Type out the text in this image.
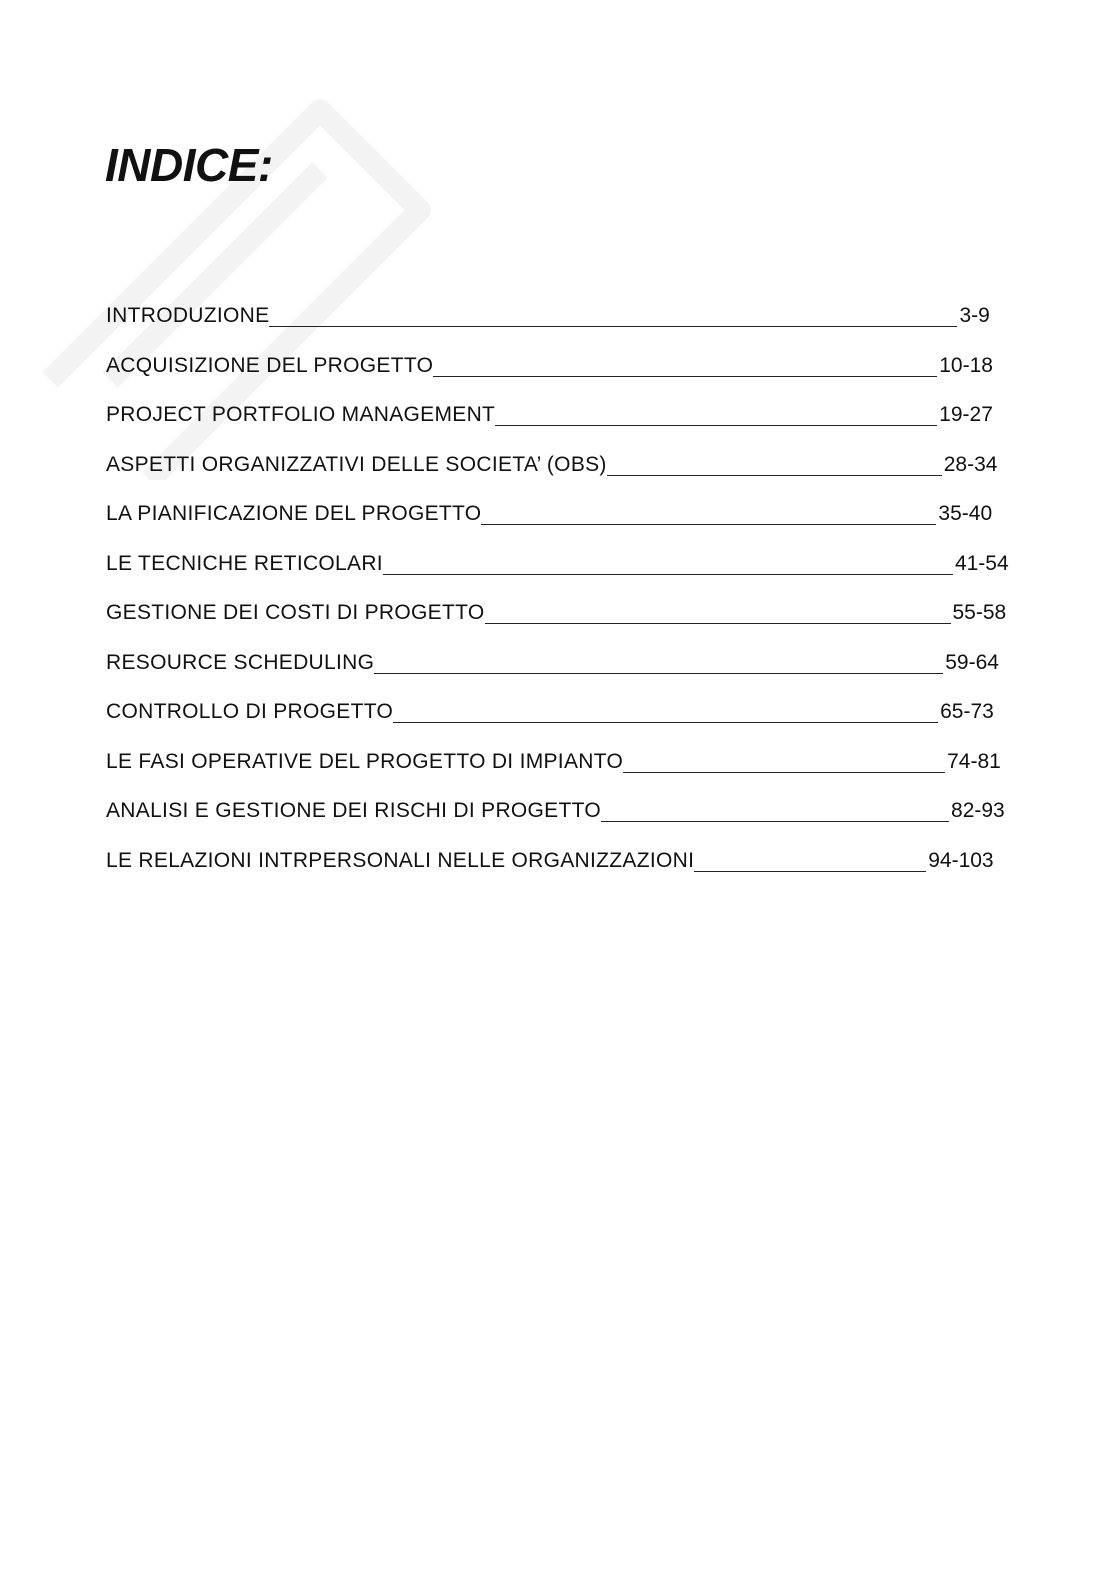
INDICE:
INTRODUZIONE	3-9
ACQUISIZIONE DEL PROGETTO	10-18
PROJECT PORTFOLIO MANAGEMENT	19-27
ASPETTI ORGANIZZATIVI DELLE SOCIETA’ (OBS)	28-34
LA PIANIFICAZIONE DEL PROGETTO	35-40
LE TECNICHE RETICOLARI	41-54
GESTIONE DEI COSTI DI PROGETTO	55-58
RESOURCE SCHEDULING	59-64
CONTROLLO DI PROGETTO	65-73
LE FASI OPERATIVE DEL PROGETTO DI IMPIANTO	74-81
ANALISI E GESTIONE DEI RISCHI DI PROGETTO	82-93
LE RELAZIONI INTRPERSONALI NELLE ORGANIZZAZIONI	94-103
